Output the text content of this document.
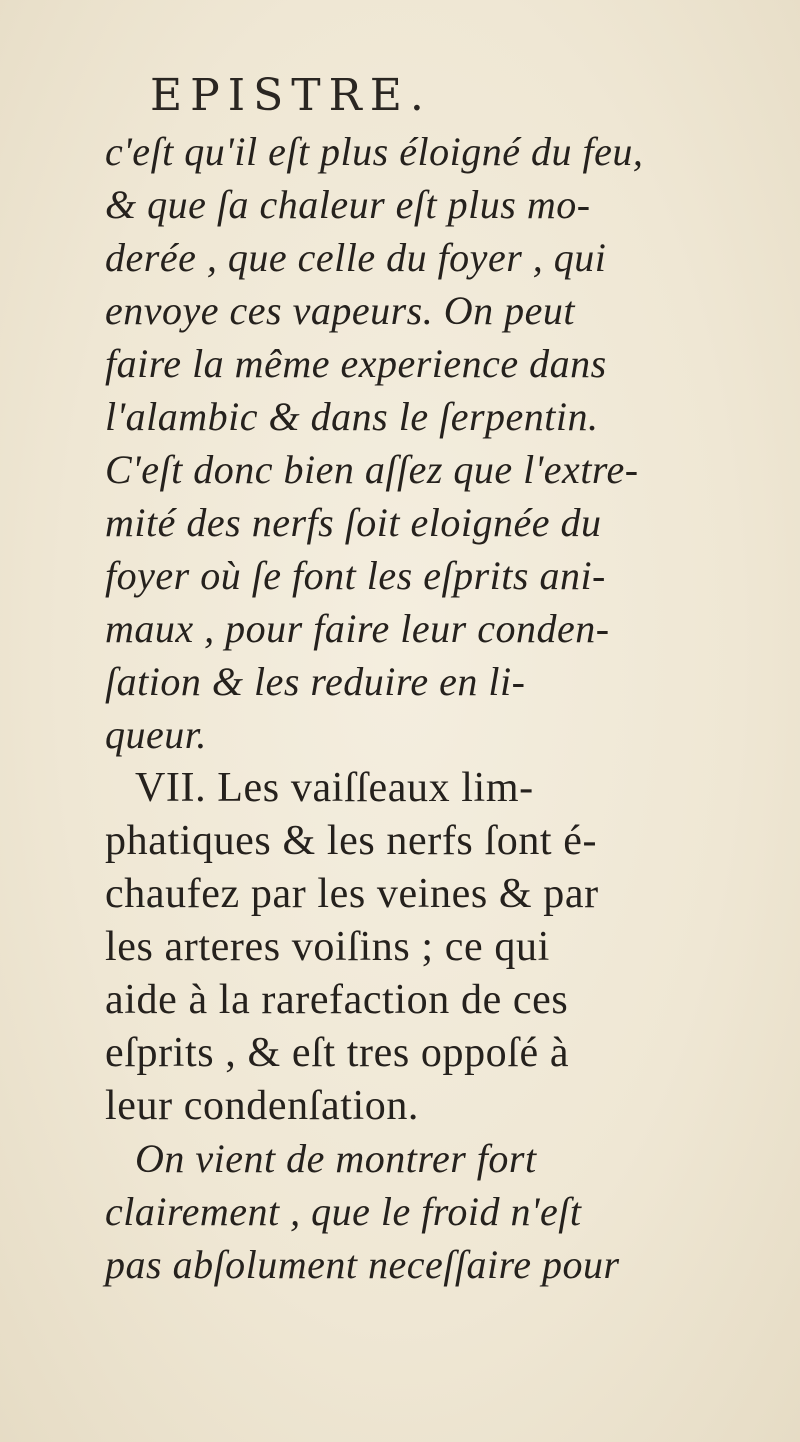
EPISTRE.
c'eſt qu'il eſt plus éloigné du feu,
& que ſa chaleur eſt plus mo-
derée , que celle du foyer , qui
envoye ces vapeurs. On peut
faire la même experience dans
l'alambic & dans le ſerpentin.
C'eſt donc bien aſſez que l'extre-
mité des nerfs ſoit eloignée du
foyer où ſe font les eſprits ani-
maux , pour faire leur conden-
ſation & les reduire en li-
queur.
VII. Les vaiſſeaux lim-
phatiques & les nerfs ſont é-
chaufez par les veines & par
les arteres voiſins ; ce qui
aide à la rarefaction de ces
eſprits , & eſt tres oppoſé à
leur condenſation.
On vient de montrer fort
clairement , que le froid n'eſt
pas abſolument neceſſaire pour
